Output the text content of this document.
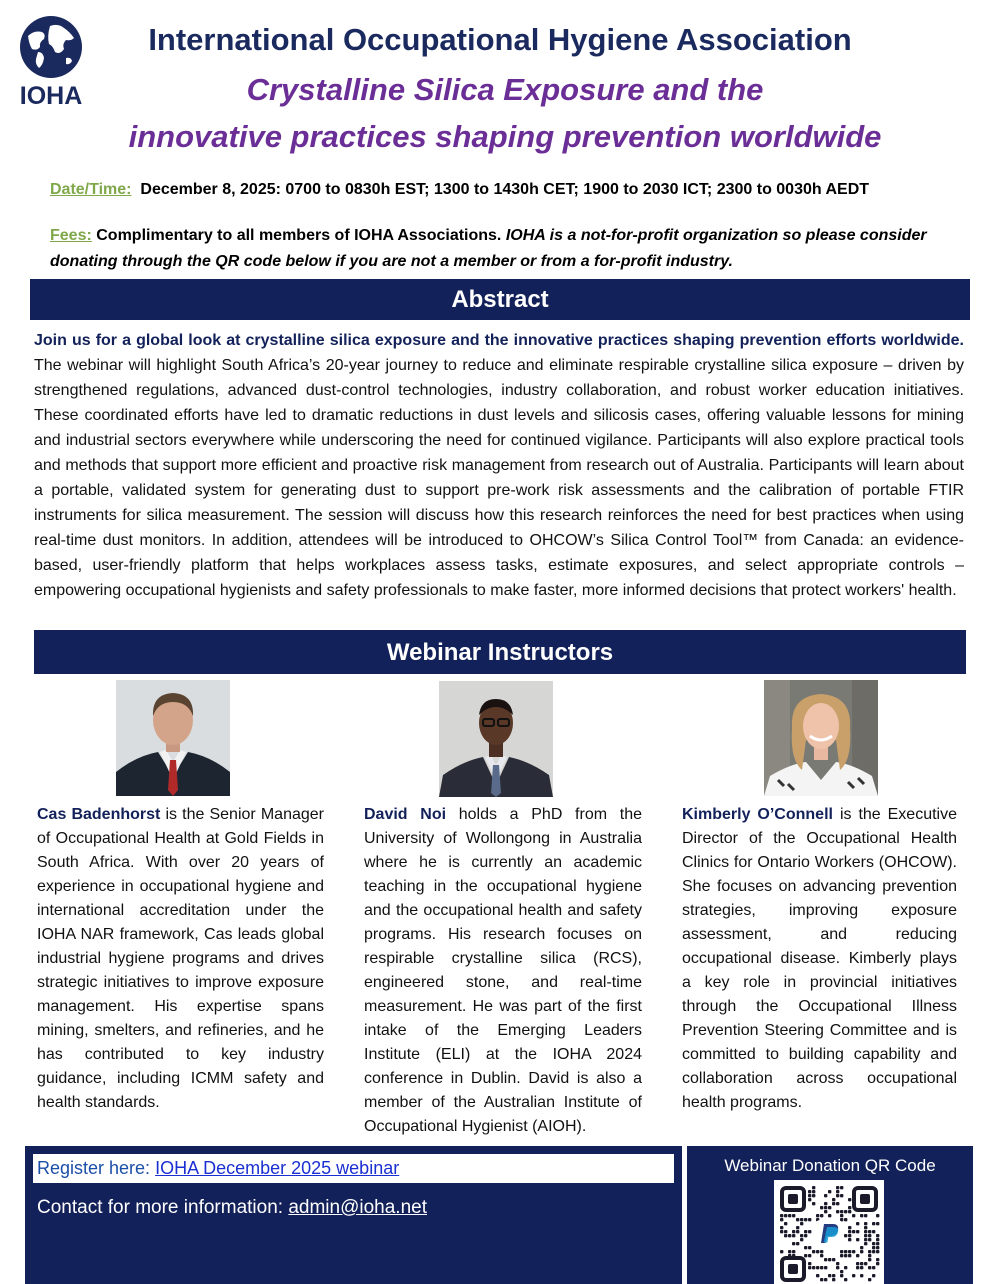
IOHA
International Occupational Hygiene Association
Crystalline Silica Exposure and the
innovative practices shaping prevention worldwide
Date/Time: December 8, 2025: 0700 to 0830h EST; 1300 to 1430h CET; 1900 to 2030 ICT; 2300 to 0030h AEDT
Fees: Complimentary to all members of IOHA Associations. IOHA is a not-for-profit organization so please consider donating through the QR code below if you are not a member or from a for-profit industry.
Abstract
Join us for a global look at crystalline silica exposure and the innovative practices shaping prevention efforts worldwide. The webinar will highlight South Africa’s 20-year journey to reduce and eliminate respirable crystalline silica exposure – driven by strengthened regulations, advanced dust-control technologies, industry collaboration, and robust worker education initiatives. These coordinated efforts have led to dramatic reductions in dust levels and silicosis cases, offering valuable lessons for mining and industrial sectors everywhere while underscoring the need for continued vigilance. Participants will also explore practical tools and methods that support more efficient and proactive risk management from research out of Australia. Participants will learn about a portable, validated system for generating dust to support pre-work risk assessments and the calibration of portable FTIR instruments for silica measurement. The session will discuss how this research reinforces the need for best practices when using real-time dust monitors. In addition, attendees will be introduced to OHCOW’s Silica Control Tool™ from Canada: an evidence-based, user-friendly platform that helps workplaces assess tasks, estimate exposures, and select appropriate controls – empowering occupational hygienists and safety professionals to make faster, more informed decisions that protect workers' health.
Webinar Instructors
Cas Badenhorst is the Senior Manager of Occupational Health at Gold Fields in South Africa. With over 20 years of experience in occupational hygiene and international accreditation under the IOHA NAR framework, Cas leads global industrial hygiene programs and drives strategic initiatives to improve exposure management. His expertise spans mining, smelters, and refineries, and he has contributed to key industry guidance, including ICMM safety and health standards.
David Noi holds a PhD from the University of Wollongong in Australia where he is currently an academic teaching in the occupational hygiene and the occupational health and safety programs. His research focuses on respirable crystalline silica (RCS), engineered stone, and real-time measurement. He was part of the first intake of the Emerging Leaders Institute (ELI) at the IOHA 2024 conference in Dublin. David is also a member of the Australian Institute of Occupational Hygienist (AIOH).
Kimberly O’Connell is the Executive Director of the Occupational Health Clinics for Ontario Workers (OHCOW). She focuses on advancing prevention strategies, improving exposure assessment, and reducing occupational disease. Kimberly plays a key role in provincial initiatives through the Occupational Illness Prevention Steering Committee and is committed to building capability and collaboration across occupational health programs.
Register here: IOHA December 2025 webinar
Contact for more information: admin@ioha.net
Webinar Donation QR Code
